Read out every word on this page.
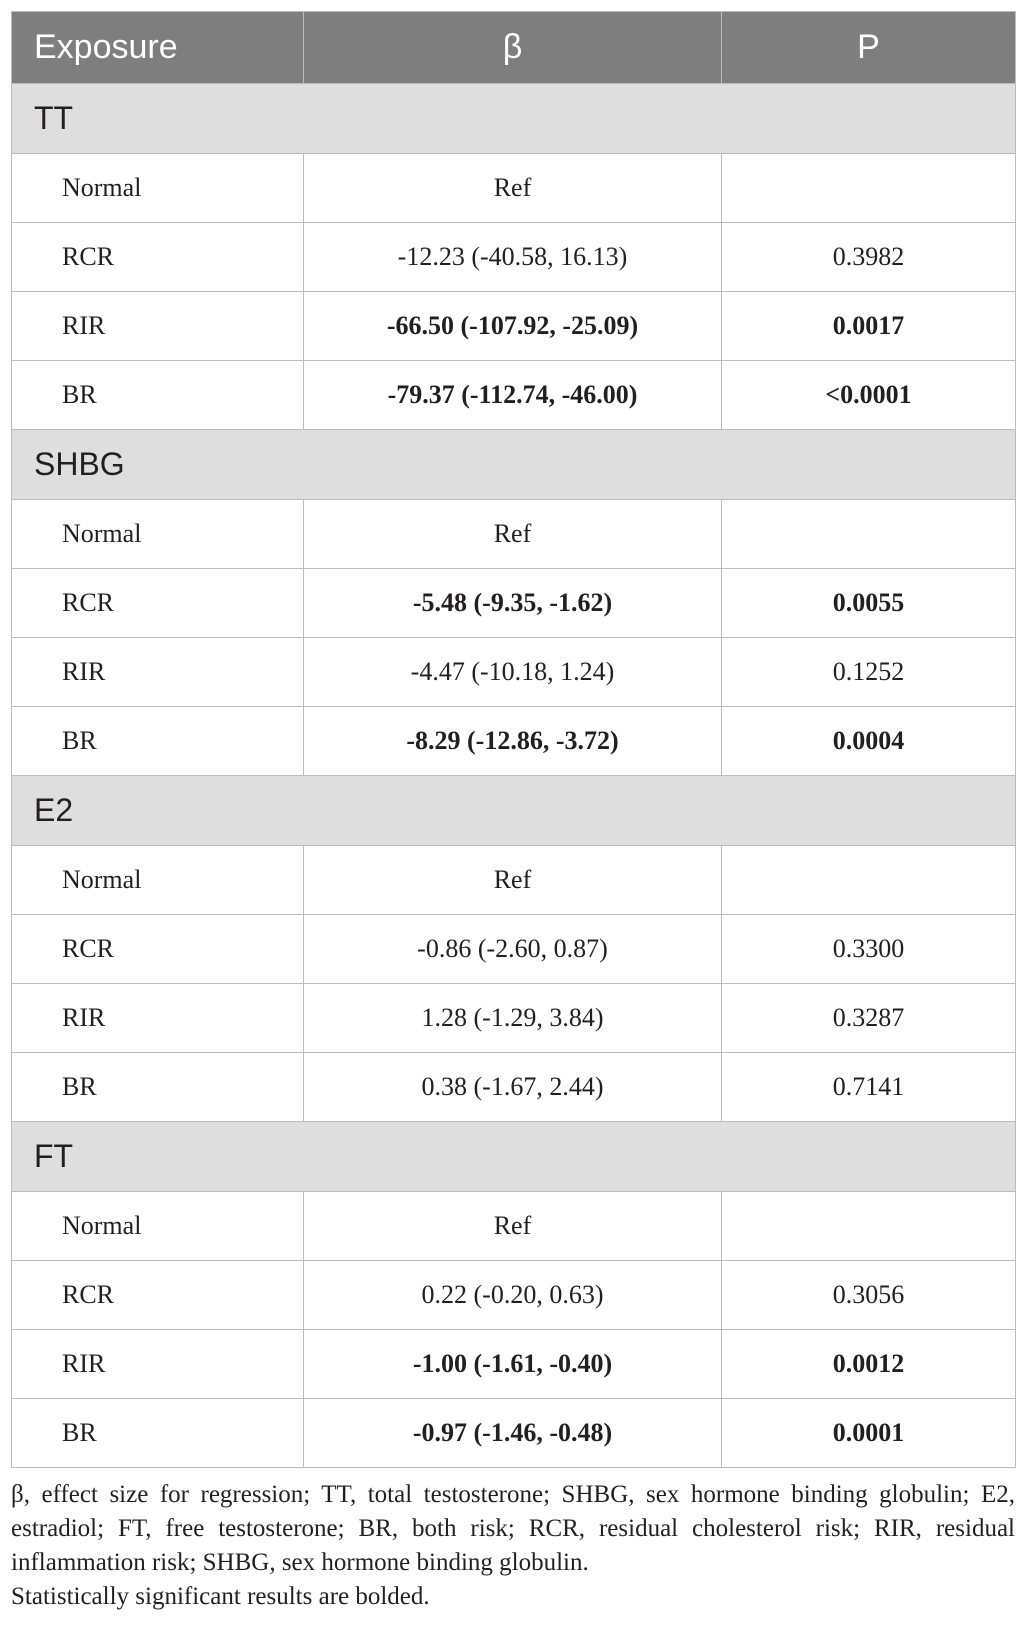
Exposure	β	P
TT		
Normal	Ref	
RCR	-12.23 (-40.58, 16.13)	0.3982
RIR	-66.50 (-107.92, -25.09)	0.0017
BR	-79.37 (-112.74, -46.00)	<0.0001
SHBG		
Normal	Ref	
RCR	-5.48 (-9.35, -1.62)	0.0055
RIR	-4.47 (-10.18, 1.24)	0.1252
BR	-8.29 (-12.86, -3.72)	0.0004
E2		
Normal	Ref	
RCR	-0.86 (-2.60, 0.87)	0.3300
RIR	1.28 (-1.29, 3.84)	0.3287
BR	0.38 (-1.67, 2.44)	0.7141
FT		
Normal	Ref	
RCR	0.22 (-0.20, 0.63)	0.3056
RIR	-1.00 (-1.61, -0.40)	0.0012
BR	-0.97 (-1.46, -0.48)	0.0001

β, effect size for regression; TT, total testosterone; SHBG, sex hormone binding globulin; E2, estradiol; FT, free testosterone; BR, both risk; RCR, residual cholesterol risk; RIR, residual inflammation risk; SHBG, sex hormone binding globulin.

Statistically significant results are bolded.
